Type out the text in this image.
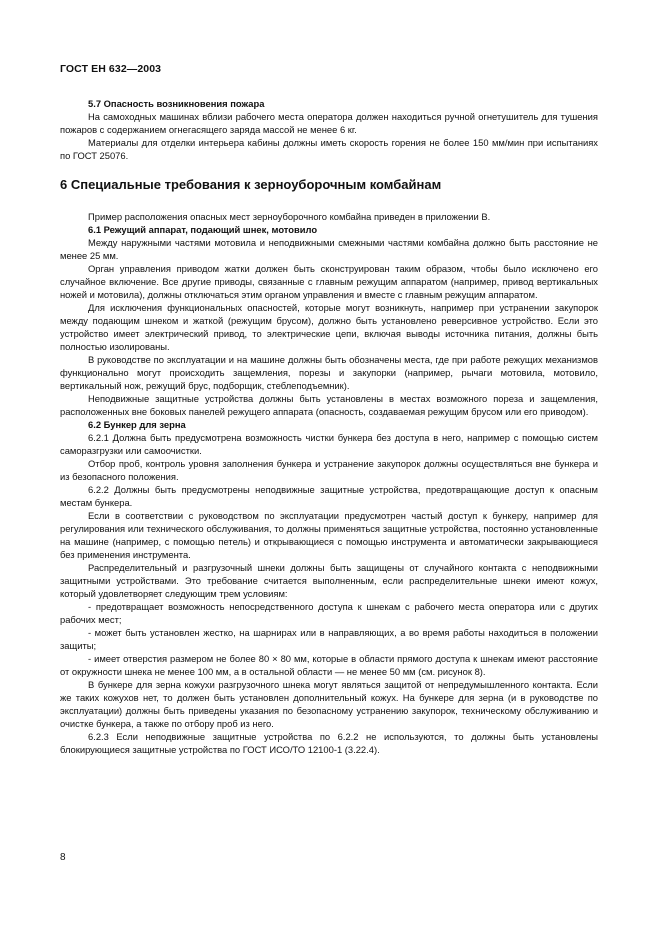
ГОСТ ЕН 632—2003
5.7 Опасность возникновения пожара

На самоходных машинах вблизи рабочего места оператора должен находиться ручной огнетушитель для тушения пожаров с содержанием огнегасящего заряда массой не менее 6 кг.

Материалы для отделки интерьера кабины должны иметь скорость горения не более 150 мм/мин при испытаниях по ГОСТ 25076.

6 Специальные требования к зерноуборочным комбайнам

Пример расположения опасных мест зерноуборочного комбайна приведен в приложении В.

6.1 Режущий аппарат, подающий шнек, мотовило

Между наружными частями мотовила и неподвижными смежными частями комбайна должно быть расстояние не менее 25 мм.

Орган управления приводом жатки должен быть сконструирован таким образом, чтобы было исключено его случайное включение. Все другие приводы, связанные с главным режущим аппаратом (например, привод вертикальных ножей и мотовила), должны отключаться этим органом управления и вместе с главным режущим аппаратом.

Для исключения функциональных опасностей, которые могут возникнуть, например при устранении закупорок между подающим шнеком и жаткой (режущим брусом), должно быть установлено реверсивное устройство. Если это устройство имеет электрический привод, то электрические цепи, включая выводы источника питания, должны быть полностью изолированы.

В руководстве по эксплуатации и на машине должны быть обозначены места, где при работе режущих механизмов функционально могут происходить защемления, порезы и закупорки (например, рычаги мотовила, мотовило, вертикальный нож, режущий брус, подборщик, стеблеподъемник).

Неподвижные защитные устройства должны быть установлены в местах возможного пореза и защемления, расположенных вне боковых панелей режущего аппарата (опасность, создаваемая режущим брусом или его приводом).

6.2 Бункер для зерна

6.2.1 Должна быть предусмотрена возможность чистки бункера без доступа в него, например с помощью систем саморазгрузки или самоочистки.

Отбор проб, контроль уровня заполнения бункера и устранение закупорок должны осуществляться вне бункера и из безопасного положения.

6.2.2 Должны быть предусмотрены неподвижные защитные устройства, предотвращающие доступ к опасным местам бункера.

Если в соответствии с руководством по эксплуатации предусмотрен частый доступ к бункеру, например для регулирования или технического обслуживания, то должны применяться защитные устройства, постоянно установленные на машине (например, с помощью петель) и открывающиеся с помощью инструмента и автоматически закрывающиеся без применения инструмента.

Распределительный и разгрузочный шнеки должны быть защищены от случайного контакта с неподвижными защитными устройствами. Это требование считается выполненным, если распределительные шнеки имеют кожух, который удовлетворяет следующим трем условиям:

- предотвращает возможность непосредственного доступа к шнекам с рабочего места оператора или с других рабочих мест;

- может быть установлен жестко, на шарнирах или в направляющих, а во время работы находиться в положении защиты;

- имеет отверстия размером не более 80 × 80 мм, которые в области прямого доступа к шнекам имеют расстояние от окружности шнека не менее 100 мм, а в остальной области — не менее 50 мм (см. рисунок 8).

В бункере для зерна кожухи разгрузочного шнека могут являться защитой от непредумышленного контакта. Если же таких кожухов нет, то должен быть установлен дополнительный кожух. На бункере для зерна (и в руководстве по эксплуатации) должны быть приведены указания по безопасному устранению закупорок, техническому обслуживанию и очистке бункера, а также по отбору проб из него.

6.2.3 Если неподвижные защитные устройства по 6.2.2 не используются, то должны быть установлены блокирующиеся защитные устройства по ГОСТ ИСО/ТО 12100-1 (3.22.4).

8
